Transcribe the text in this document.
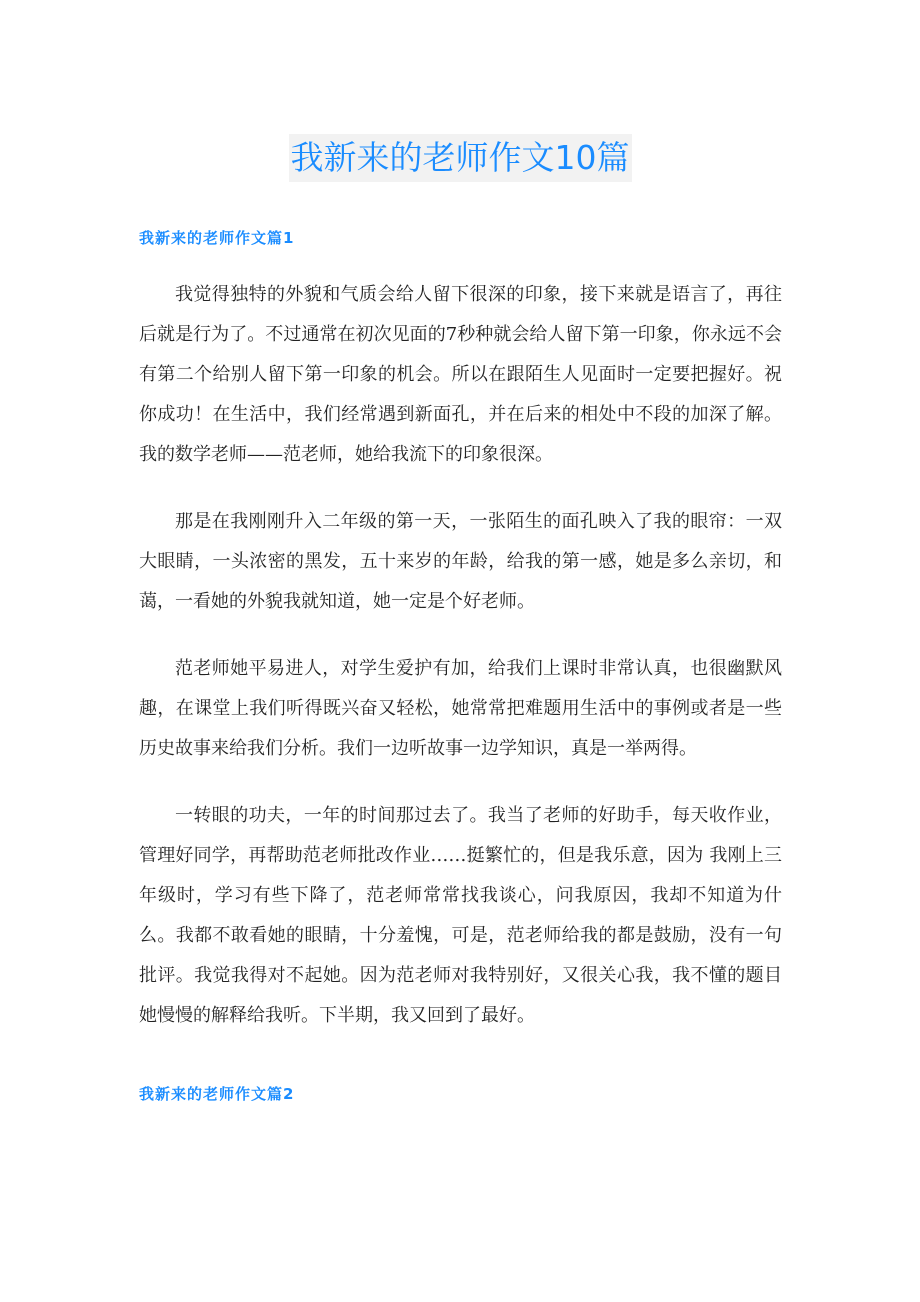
我新来的老师作文10篇
我新来的老师作文篇1

我觉得独特的外貌和气质会给人留下很深的印象，接下来就是语言了，再往后就是行为了。不过通常在初次见面的7秒种就会给人留下第一印象，你永远不会有第二个给别人留下第一印象的机会。所以在跟陌生人见面时一定要把握好。祝你成功！在生活中，我们经常遇到新面孔，并在后来的相处中不段的加深了解。我的数学老师——范老师，她给我流下的印象很深。

那是在我刚刚升入二年级的第一天，一张陌生的面孔映入了我的眼帘：一双大眼睛，一头浓密的黑发，五十来岁的年龄，给我的第一感，她是多么亲切，和蔼，一看她的外貌我就知道，她一定是个好老师。

范老师她平易进人，对学生爱护有加，给我们上课时非常认真，也很幽默风趣，在课堂上我们听得既兴奋又轻松，她常常把难题用生活中的事例或者是一些历史故事来给我们分析。我们一边听故事一边学知识，真是一举两得。

一转眼的功夫，一年的时间那过去了。我当了老师的好助手，每天收作业，管理好同学，再帮助范老师批改作业……挺繁忙的，但是我乐意，因为 我刚上三年级时，学习有些下降了，范老师常常找我谈心，问我原因，我却不知道为什么。我都不敢看她的眼睛，十分羞愧，可是，范老师给我的都是鼓励，没有一句批评。我觉我得对不起她。因为范老师对我特别好，又很关心我，我不懂的题目她慢慢的解释给我听。下半期，我又回到了最好。

我新来的老师作文篇2
